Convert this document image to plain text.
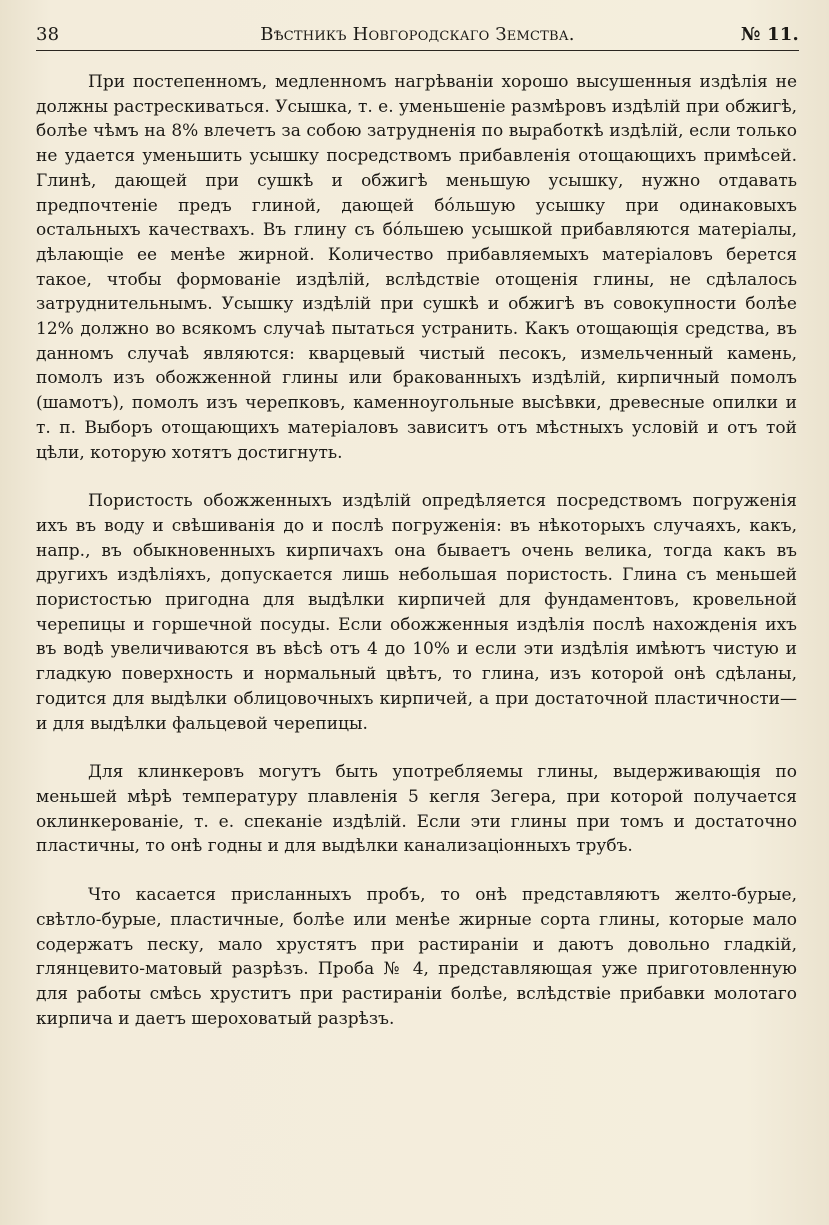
38	Вѣстникъ Новгородскаго Земства.	№ 11.

При постепенномъ, медленномъ нагрѣваніи хорошо высушенныя издѣлія не должны растрескиваться. Усышка, т. е. уменьшеніе размѣровъ издѣлій при обжигѣ, болѣе чѣмъ на 8% влечетъ за собою затрудненія по выработкѣ издѣлій, если только не удается уменьшить усышку посредствомъ прибавленія отощающихъ примѣсей. Глинѣ, дающей при сушкѣ и обжигѣ меньшую усышку, нужно отдавать предпочтеніе предъ глиной, дающей бóльшую усышку при одинаковыхъ остальныхъ качествахъ. Въ глину съ бóльшею усышкой прибавляются матеріалы, дѣлающіе ее менѣе жирной. Количество прибавляемыхъ матеріаловъ берется такое, чтобы формованіе издѣлій, вслѣдствіе отощенія глины, не сдѣлалось затруднительнымъ. Усышку издѣлій при сушкѣ и обжигѣ въ совокупности болѣе 12% должно во всякомъ случаѣ пытаться устранить. Какъ отощающія средства, въ данномъ случаѣ являются: кварцевый чистый песокъ, измельченный камень, помолъ изъ обожженной глины или бракованныхъ издѣлій, кирпичный помолъ (шамотъ), помолъ изъ черепковъ, каменноугольные высѣвки, древесные опилки и т. п. Выборъ отощающихъ матеріаловъ зависитъ отъ мѣстныхъ условій и отъ той цѣли, которую хотятъ достигнуть.

Пористость обожженныхъ издѣлій опредѣляется посредствомъ погруженія ихъ въ воду и свѣшиванія до и послѣ погруженія: въ нѣкоторыхъ случаяхъ, какъ, напр., въ обыкновенныхъ кирпичахъ она бываетъ очень велика, тогда какъ въ другихъ издѣліяхъ, допускается лишь небольшая пористость. Глина съ меньшей пористостью пригодна для выдѣлки кирпичей для фундаментовъ, кровельной черепицы и горшечной посуды. Если обожженныя издѣлія послѣ нахожденія ихъ въ водѣ увеличиваются въ вѣсѣ отъ 4 до 10% и если эти издѣлія имѣютъ чистую и гладкую поверхность и нормальный цвѣтъ, то глина, изъ которой онѣ сдѣланы, годится для выдѣлки облицовочныхъ кирпичей, а при достаточной пластичности—и для выдѣлки фальцевой черепицы.

Для клинкеровъ могутъ быть употребляемы глины, выдерживающія по меньшей мѣрѣ температуру плавленія 5 кегля Зегера, при которой получается оклинкерованіе, т. е. спеканіе издѣлій. Если эти глины при томъ и достаточно пластичны, то онѣ годны и для выдѣлки канализаціонныхъ трубъ.

Что касается присланныхъ пробъ, то онѣ представляютъ желто-бурые, свѣтло-бурые, пластичные, болѣе или менѣе жирные сорта глины, которые мало содержатъ песку, мало хрустятъ при растираніи и даютъ довольно гладкій, глянцевито-матовый разрѣзъ. Проба № 4, представляющая уже приготовленную для работы смѣсь хруститъ при растираніи болѣе, вслѣдствіе прибавки молотаго кирпича и даетъ шероховатый разрѣзъ.
